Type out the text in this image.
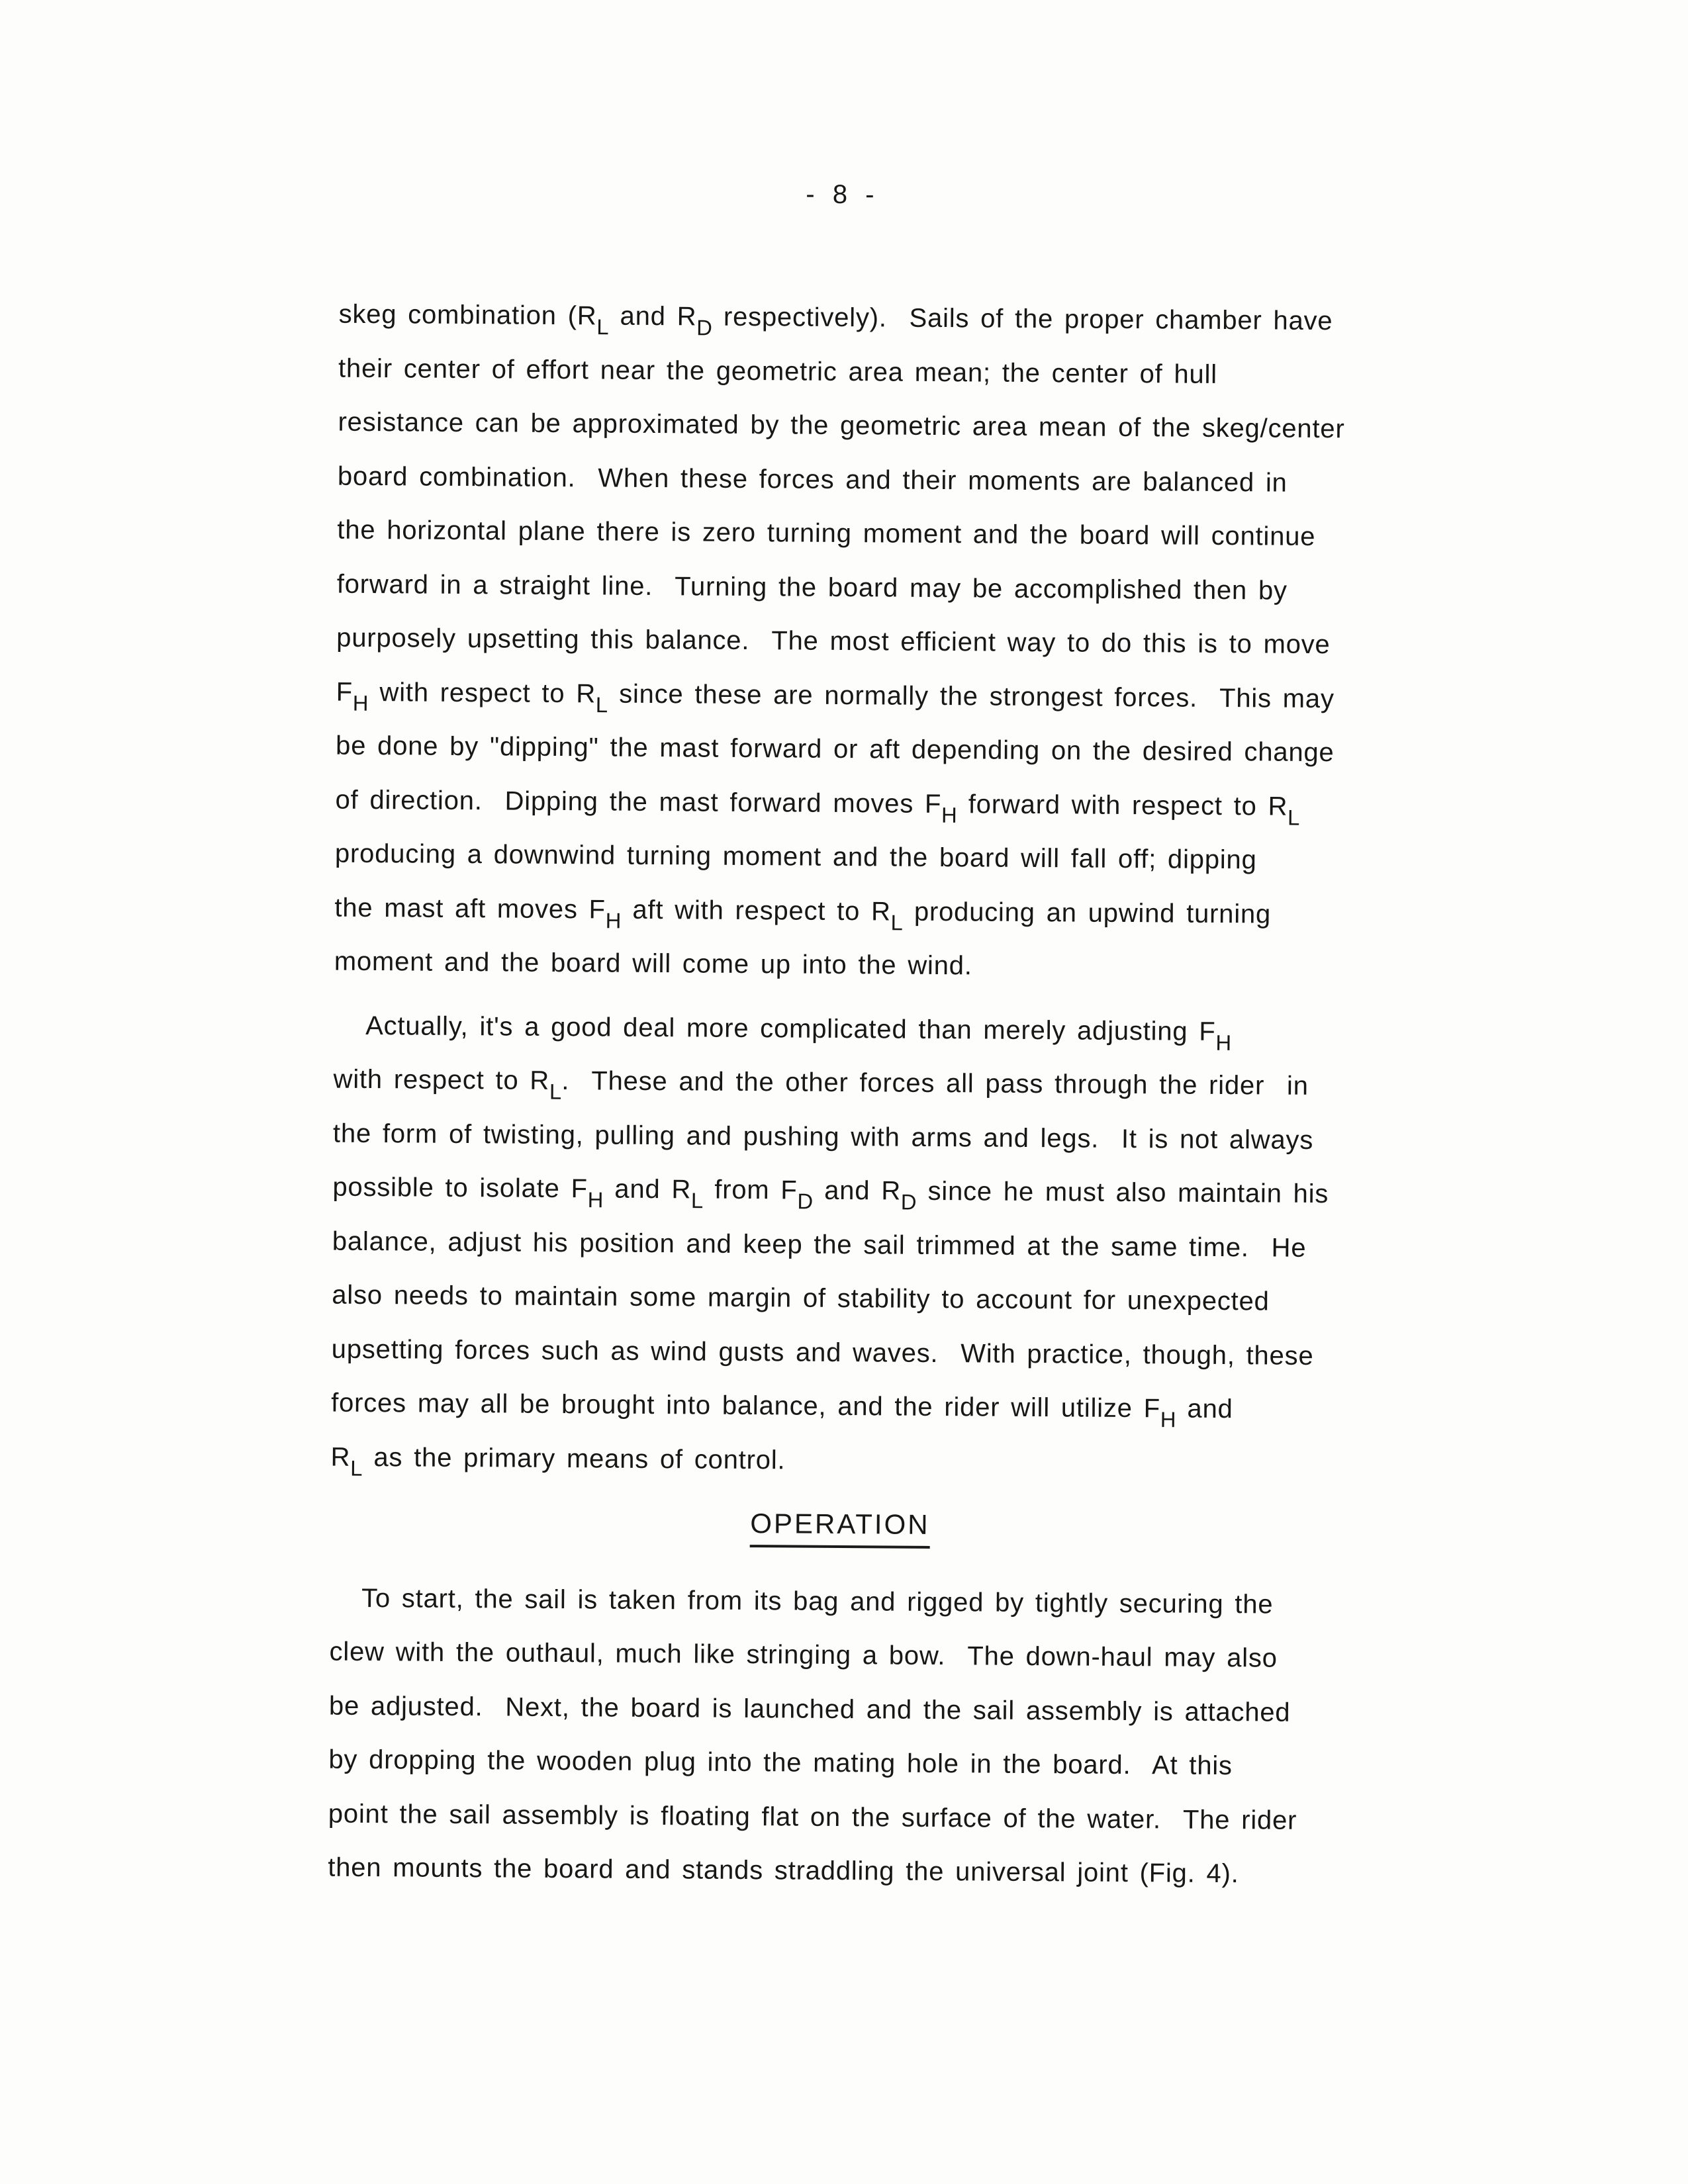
- 8 -
skeg combination ($R_L$ and $R_D$ respectively).  Sails of the proper chamber have
their center of effort near the geometric area mean; the center of hull
resistance can be approximated by the geometric area mean of the skeg/center
board combination.  When these forces and their moments are balanced in
the horizontal plane there is zero turning moment and the board will continue
forward in a straight line.  Turning the board may be accomplished then by
purposely upsetting this balance.  The most efficient way to do this is to move
$F_H$ with respect to $R_L$ since these are normally the strongest forces.  This may
be done by "dipping" the mast forward or aft depending on the desired change
of direction.  Dipping the mast forward moves $F_H$ forward with respect to $R_L$
producing a downwind turning moment and the board will fall off; dipping
the mast aft moves $F_H$ aft with respect to $R_L$ producing an upwind turning
moment and the board will come up into the wind.
Actually, it's a good deal more complicated than merely adjusting $F_H$
with respect to $R_L$.  These and the other forces all pass through the rider  in
the form of twisting, pulling and pushing with arms and legs.  It is not always
possible to isolate $F_H$ and $R_L$ from $F_D$ and $R_D$ since he must also maintain his
balance, adjust his position and keep the sail trimmed at the same time.  He
also needs to maintain some margin of stability to account for unexpected
upsetting forces such as wind gusts and waves.  With practice, though, these
forces may all be brought into balance, and the rider will utilize $F_H$ and
$R_L$ as the primary means of control.
OPERATION
To start, the sail is taken from its bag and rigged by tightly securing the
clew with the outhaul, much like stringing a bow.  The down-haul may also
be adjusted.  Next, the board is launched and the sail assembly is attached
by dropping the wooden plug into the mating hole in the board.  At this
point the sail assembly is floating flat on the surface of the water.  The rider
then mounts the board and stands straddling the universal joint (Fig. 4).
